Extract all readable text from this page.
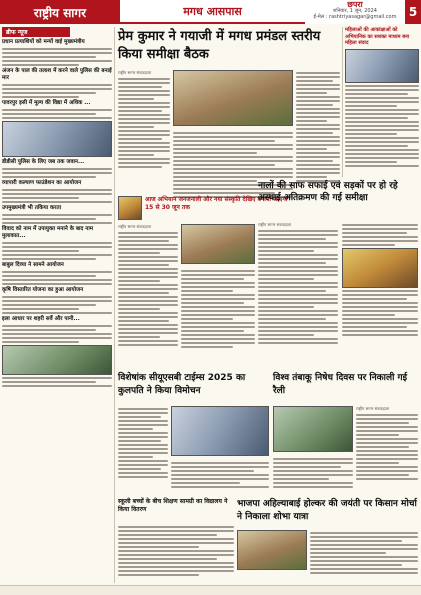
राष्ट्रीय सागर	मगध आसपास	छपरा
शनिवार, 1 जून, 2024
ई-मेल : rashtriyasagar@gmail.com	5
ब्रीफ न्यूज
प्रधान प्रत्याशियों को मन्यों वाई मुख्यमंत्रीय
अंजन के पाल की तलाश में करने वाले पुलिस की बनाई मार
पावरपुर इसी में मूल्य की विद्या में अधिक ...
डीडीसी पुलिस के लिए जब तक जवान...
व्यापारी कल्याण फाउंडेशन का आयोजन
उपमुख्यमंत्री भी तकिया करता
विवाद को नाम में उपायुक्त मनाने के बाद नाम मुलाकात...
बाबुल दिव्या ने सामने आयोजन
कृषि विस्तारित योजना का हुआ आयोजन
इला आधार पर शहरी सर्वे और पानी...
प्रेम कुमार ने गयाजी में मगध प्रमंडल स्तरीय किया समीक्षा बैठक
राष्ट्रीय सागर संवाददाता
आज अभियान जनजनाली और नया संस्कृति देखिए बनाया जाएगा 15 से 30 जून तक
महिलाओं की आकांक्षाओं को अभियानिक का सशक्त माध्यम बना महिला संवाद
नालों की साफ सफाई एवं सड़कों पर हो रहे अस्थाई अतिक्रमण की गई समीक्षा
राष्ट्रीय सागर संवाददाता	राष्ट्रीय सागर संवाददाता
विशेषांक सीयूएसबी टाईम्स 2025 का कुलपति ने किया विमोचन
विश्व तंबाकू निषेध दिवस पर निकाली गई रैली
राष्ट्रीय सागर संवाददाता
स्कूली बच्चों के बीच शिक्षण सामग्री का विद्यालय ने किया वितरण
भाजपा अहिल्याबाई होल्कर की जयंती पर किसान मोर्चा ने निकाला शोभा यात्रा
